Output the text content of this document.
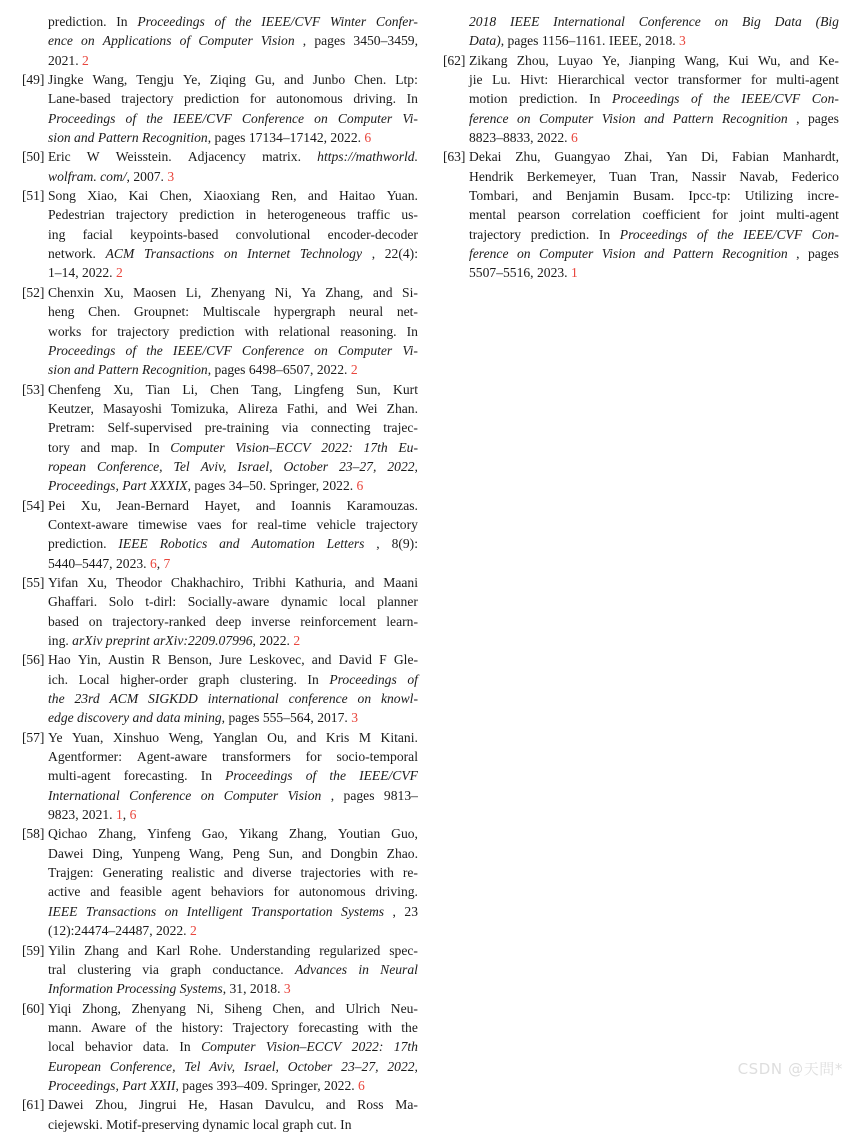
prediction. In Proceedings of the IEEE/CVF Winter Confer-
ence on Applications of Computer Vision , pages 3450–3459,
2021. 2
[49] Jingke Wang, Tengju Ye, Ziqing Gu, and Junbo Chen. Ltp:
Lane-based trajectory prediction for autonomous driving. In
Proceedings of the IEEE/CVF Conference on Computer Vi-
sion and Pattern Recognition, pages 17134–17142, 2022. 6
[50] Eric W Weisstein. Adjacency matrix. https://mathworld.
wolfram. com/, 2007. 3
[51] Song Xiao, Kai Chen, Xiaoxiang Ren, and Haitao Yuan.
Pedestrian trajectory prediction in heterogeneous traffic us-
ing facial keypoints-based convolutional encoder-decoder
network. ACM Transactions on Internet Technology , 22(4):
1–14, 2022. 2
[52] Chenxin Xu, Maosen Li, Zhenyang Ni, Ya Zhang, and Si-
heng Chen. Groupnet: Multiscale hypergraph neural net-
works for trajectory prediction with relational reasoning. In
Proceedings of the IEEE/CVF Conference on Computer Vi-
sion and Pattern Recognition, pages 6498–6507, 2022. 2
[53] Chenfeng Xu, Tian Li, Chen Tang, Lingfeng Sun, Kurt
Keutzer, Masayoshi Tomizuka, Alireza Fathi, and Wei Zhan.
Pretram: Self-supervised pre-training via connecting trajec-
tory and map. In Computer Vision–ECCV 2022: 17th Eu-
ropean Conference, Tel Aviv, Israel, October 23–27, 2022,
Proceedings, Part XXXIX, pages 34–50. Springer, 2022. 6
[54] Pei Xu, Jean-Bernard Hayet, and Ioannis Karamouzas.
Context-aware timewise vaes for real-time vehicle trajectory
prediction. IEEE Robotics and Automation Letters , 8(9):
5440–5447, 2023. 6, 7
[55] Yifan Xu, Theodor Chakhachiro, Tribhi Kathuria, and Maani
Ghaffari. Solo t-dirl: Socially-aware dynamic local planner
based on trajectory-ranked deep inverse reinforcement learn-
ing. arXiv preprint arXiv:2209.07996, 2022. 2
[56] Hao Yin, Austin R Benson, Jure Leskovec, and David F Gle-
ich. Local higher-order graph clustering. In Proceedings of
the 23rd ACM SIGKDD international conference on knowl-
edge discovery and data mining, pages 555–564, 2017. 3
[57] Ye Yuan, Xinshuo Weng, Yanglan Ou, and Kris M Kitani.
Agentformer: Agent-aware transformers for socio-temporal
multi-agent forecasting. In Proceedings of the IEEE/CVF
International Conference on Computer Vision , pages 9813–
9823, 2021. 1, 6
[58] Qichao Zhang, Yinfeng Gao, Yikang Zhang, Youtian Guo,
Dawei Ding, Yunpeng Wang, Peng Sun, and Dongbin Zhao.
Trajgen: Generating realistic and diverse trajectories with re-
active and feasible agent behaviors for autonomous driving.
IEEE Transactions on Intelligent Transportation Systems , 23
(12):24474–24487, 2022. 2
[59] Yilin Zhang and Karl Rohe. Understanding regularized spec-
tral clustering via graph conductance. Advances in Neural
Information Processing Systems, 31, 2018. 3
[60] Yiqi Zhong, Zhenyang Ni, Siheng Chen, and Ulrich Neu-
mann. Aware of the history: Trajectory forecasting with the
local behavior data. In Computer Vision–ECCV 2022: 17th
European Conference, Tel Aviv, Israel, October 23–27, 2022,
Proceedings, Part XXII, pages 393–409. Springer, 2022. 6
[61] Dawei Zhou, Jingrui He, Hasan Davulcu, and Ross Ma-
ciejewski. Motif-preserving dynamic local graph cut. In
2018 IEEE International Conference on Big Data (Big
Data), pages 1156–1161. IEEE, 2018. 3
[62] Zikang Zhou, Luyao Ye, Jianping Wang, Kui Wu, and Ke-
jie Lu. Hivt: Hierarchical vector transformer for multi-agent
motion prediction. In Proceedings of the IEEE/CVF Con-
ference on Computer Vision and Pattern Recognition , pages
8823–8833, 2022. 6
[63] Dekai Zhu, Guangyao Zhai, Yan Di, Fabian Manhardt,
Hendrik Berkemeyer, Tuan Tran, Nassir Navab, Federico
Tombari, and Benjamin Busam. Ipcc-tp: Utilizing incre-
mental pearson correlation coefficient for joint multi-agent
trajectory prediction. In Proceedings of the IEEE/CVF Con-
ference on Computer Vision and Pattern Recognition , pages
5507–5516, 2023. 1
CSDN @天問*
